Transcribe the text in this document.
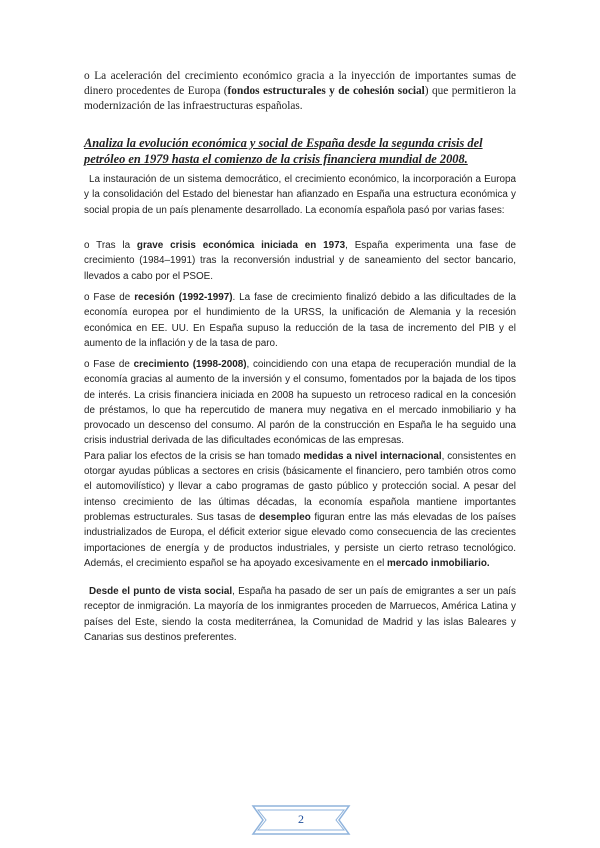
o La aceleración del crecimiento económico gracia a la inyección de importantes sumas de dinero procedentes de Europa (fondos estructurales y de cohesión social) que permitieron la modernización de las infraestructuras españolas.

Analiza la evolución económica y social de España desde la segunda crisis del petróleo en 1979 hasta el comienzo de la crisis financiera mundial de 2008.

La instauración de un sistema democrático, el crecimiento económico, la incorporación a Europa y la consolidación del Estado del bienestar han afianzado en España una estructura económica y social propia de un país plenamente desarrollado. La economía española pasó por varias fases:

o Tras la grave crisis económica iniciada en 1973, España experimenta una fase de crecimiento (1984–1991) tras la reconversión industrial y de saneamiento del sector bancario, llevados a cabo por el PSOE.

o Fase de recesión (1992-1997). La fase de crecimiento finalizó debido a las dificultades de la economía europea por el hundimiento de la URSS, la unificación de Alemania y la recesión económica en EE. UU. En España supuso la reducción de la tasa de incremento del PIB y el aumento de la inflación y de la tasa de paro.

o Fase de crecimiento (1998-2008), coincidiendo con una etapa de recuperación mundial de la economía gracias al aumento de la inversión y el consumo, fomentados por la bajada de los tipos de interés. La crisis financiera iniciada en 2008 ha supuesto un retroceso radical en la concesión de préstamos, lo que ha repercutido de manera muy negativa en el mercado inmobiliario y ha provocado un descenso del consumo. Al parón de la construcción en España le ha seguido una crisis industrial derivada de las dificultades económicas de las empresas.
Para paliar los efectos de la crisis se han tomado medidas a nivel internacional, consistentes en otorgar ayudas públicas a sectores en crisis (básicamente el financiero, pero también otros como el automovilístico) y llevar a cabo programas de gasto público y protección social. A pesar del intenso crecimiento de las últimas décadas, la economía española mantiene importantes problemas estructurales. Sus tasas de desempleo figuran entre las más elevadas de los países industrializados de Europa, el déficit exterior sigue elevado como consecuencia de las crecientes importaciones de energía y de productos industriales, y persiste un cierto retraso tecnológico. Además, el crecimiento español se ha apoyado excesivamente en el mercado inmobiliario.

Desde el punto de vista social, España ha pasado de ser un país de emigrantes a ser un país receptor de inmigración. La mayoría de los inmigrantes proceden de Marruecos, América Latina y países del Este, siendo la costa mediterránea, la Comunidad de Madrid y las islas Baleares y Canarias sus destinos preferentes.

2
